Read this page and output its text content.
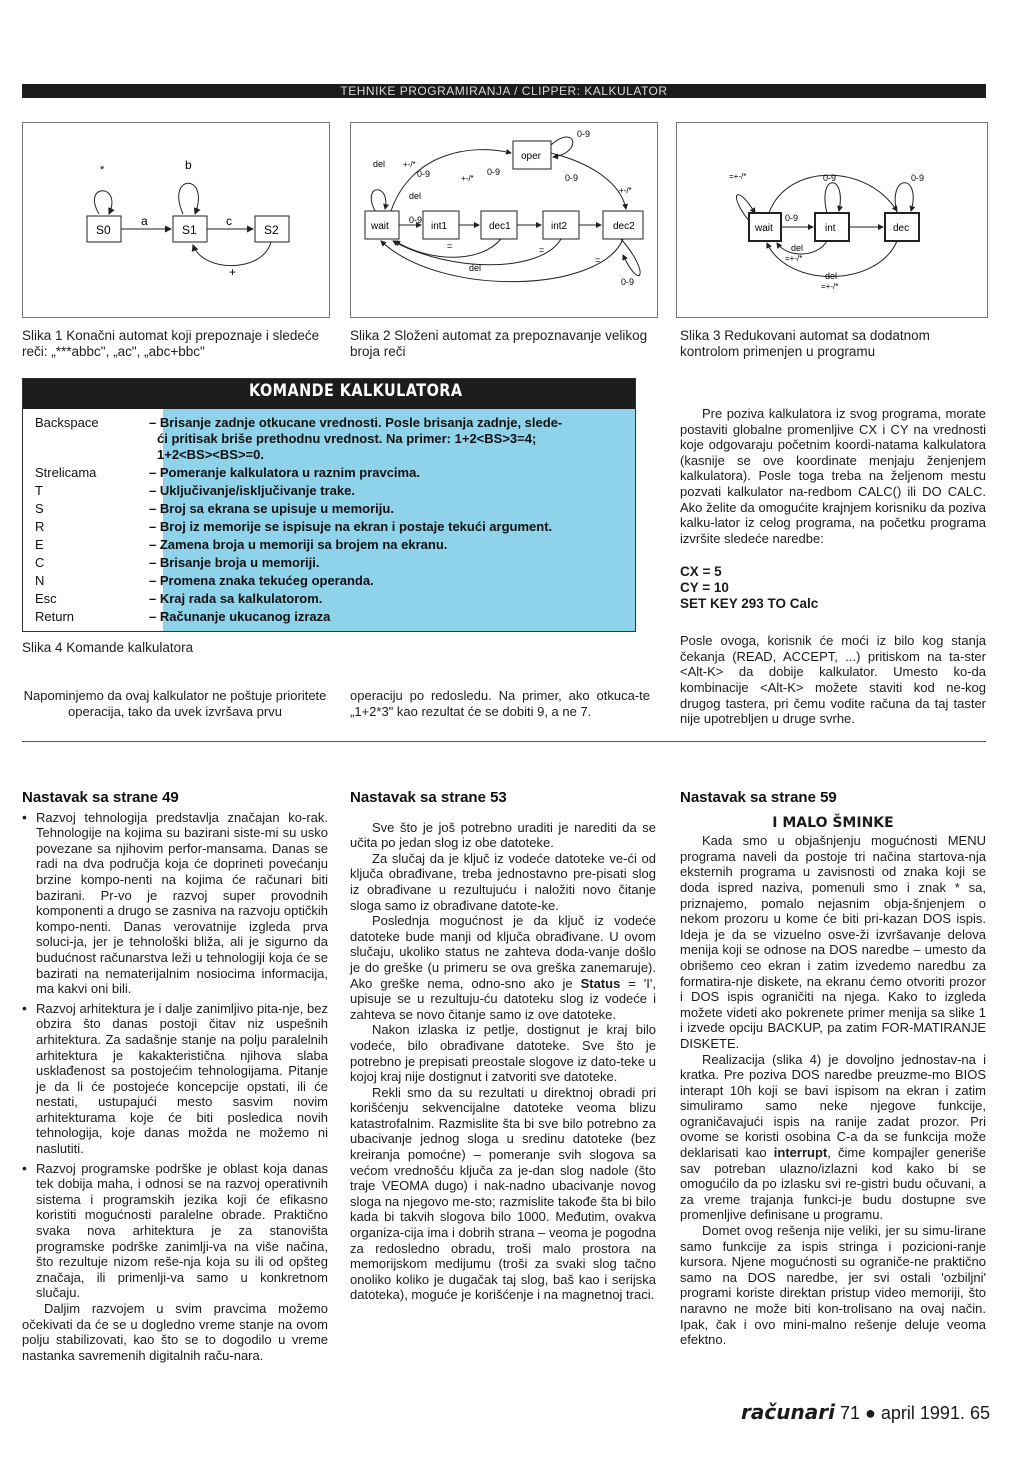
TEHNIKE PROGRAMIRANJA / CLIPPER: KALKULATOR
S0	S1	S2
*	b
a	c
+
wait	int1	dec1	int2	dec2
oper
del +-/*
0-9	0-9
+-/*	0-9
0-9
+-/*
del
0-9
del
0-9
=	=
=
wait	int	dec
=+-/*	0-9	0-9
0-9
del
=+-/*
del
=+-/*
Slika 1 Konačni automat koji prepoznaje i sledeće reči: „***abbc", „ac", „abc+bbc"
Slika 2 Složeni automat za prepoznavanje velikog broja reči
Slika 3 Redukovani automat sa dodatnom kontrolom primenjen u programu
KOMANDE KALKULATORA
Backspace	– Brisanje zadnje otkucane vrednosti. Posle brisanja zadnje, slede-
ći pritisak briše prethodnu vrednost. Na primer: 1+2<BS>3=4;
1+2<BS><BS>=0.
Strelicama	– Pomeranje kalkulatora u raznim pravcima.
T	– Uključivanje/isključivanje trake.
S	– Broj sa ekrana se upisuje u memoriju.
R	– Broj iz memorije se ispisuje na ekran i postaje tekući argument.
E	– Zamena broja u memoriji sa brojem na ekranu.
C	– Brisanje broja u memoriji.
N	– Promena znaka tekućeg operanda.
Esc	– Kraj rada sa kalkulatorom.
Return	– Računanje ukucanog izraza
Slika 4 Komande kalkulatora

Napominjemo da ovaj kalkulator ne poštuje prioritete operacija, tako da uvek izvršava prvu

operaciju po redosledu. Na primer, ako otkuca-te „1+2*3" kao rezultat će se dobiti 9, a ne 7.

Pre poziva kalkulatora iz svog programa, morate postaviti globalne promenljive CX i CY na vrednosti koje odgovaraju početnim koordi-natama kalkulatora (kasnije se ove koordinate menjaju ženjenjem kalkulatora). Posle toga treba na željenom mestu pozvati kalkulator na-redbom CALC() ili DO CALC. Ako želite da omogućite krajnjem korisniku da poziva kalku-lator iz celog programa, na početku programa izvršite sledeće naredbe:

CX = 5
CY = 10
SET KEY 293 TO Calc

Posle ovoga, korisnik će moći iz bilo kog stanja čekanja (READ, ACCEPT, ...) pritiskom na ta-ster <Alt-K> da dobije kalkulator. Umesto ko-da kombinacije <Alt-K> možete staviti kod ne-kog drugog tastera, pri čemu vodite računa da taj taster nije upotrebljen u druge svrhe.

Nastavak sa strane 49
• Razvoj tehnologija predstavlja značajan ko-rak. Tehnologije na kojima su bazirani siste-mi su usko povezane sa njihovim perfor-mansama. Danas se radi na dva područja koja će doprineti povećanju brzine kompo-nenti na kojima će računari biti bazirani. Pr-vo je razvoj super provodnih komponenti a drugo se zasniva na razvoju optičkih kompo-nenti. Danas verovatnije izgleda prva soluci-ja, jer je tehnološki bliža, ali je sigurno da budućnost računarstva leži u tehnologiji koja će se bazirati na nematerijalnim nosiocima informacija, ma kakvi oni bili.
• Razvoj arhitektura je i dalje zanimljivo pita-nje, bez obzira što danas postoji čitav niz uspešnih arhitektura. Za sadašnje stanje na polju paralelnih arhitektura je kakakteristična njihova slaba usklađenost sa postojećim tehnologijama. Pitanje je da li će postojeće koncepcije opstati, ili će nestati, ustupajući mesto sasvim novim arhitekturama koje će biti posledica novih tehnologija, koje danas možda ne možemo ni naslutiti.
• Razvoj programske podrške je oblast koja danas tek dobija maha, i odnosi se na razvoj operativnih sistema i programskih jezika koji će efikasno koristiti mogućnosti paralelne obrade. Praktično svaka nova arhitektura je za stanovišta programske podrške zanimlji-va na više načina, što rezultuje nizom reše-nja koja su ili od opšteg značaja, ili primenlji-va samo u konkretnom slučaju.

Daljim razvojem u svim pravcima možemo očekivati da će se u dogledno vreme stanje na ovom polju stabilizovati, kao što se to dogodilo u vreme nastanka savremenih digitalnih raču-nara.

Nastavak sa strane 53

Sve što je još potrebno uraditi je narediti da se učita po jedan slog iz obe datoteke.

Za slučaj da je ključ iz vodeće datoteke ve-ći od ključa obrađivane, treba jednostavno pre-pisati slog iz obrađivane u rezultujuću i naložiti novo čitanje sloga samo iz obrađivane datote-ke.

Poslednja mogućnost je da ključ iz vodeće datoteke bude manji od ključa obrađivane. U ovom slučaju, ukoliko status ne zahteva doda-vanje došlo je do greške (u primeru se ova greška zanemaruje). Ako greške nema, odno-sno ako je Status = 'I', upisuje se u rezultuju-ću datoteku slog iz vodeće i zahteva se novo čitanje samo iz ove datoteke.

Nakon izlaska iz petlje, dostignut je kraj bilo vodeće, bilo obrađivane datoteke. Sve što je potrebno je prepisati preostale slogove iz dato-teke u kojoj kraj nije dostignut i zatvoriti sve datoteke.

Rekli smo da su rezultati u direktnoj obradi pri korišćenju sekvencijalne datoteke veoma blizu katastrofalnim. Razmislite šta bi sve bilo potrebno za ubacivanje jednog sloga u sredinu datoteke (bez kreiranja pomoćne) – pomeranje svih slogova sa većom vrednošću ključa za je-dan slog nadole (što traje VEOMA dugo) i nak-nadno ubacivanje novog sloga na njegovo me-sto; razmislite takođe šta bi bilo kada bi takvih slogova bilo 1000. Međutim, ovakva organiza-cija ima i dobrih strana – veoma je pogodna za redosledno obradu, troši malo prostora na memorijskom medijumu (troši za svaki slog tačno onoliko koliko je dugačak taj slog, baš kao i serijska datoteka), moguće je korišćenje i na magnetnoj traci.

Nastavak sa strane 59
I MALO ŠMINKE

Kada smo u objašnjenju mogućnosti MENU programa naveli da postoje tri načina startova-nja eksternih programa u zavisnosti od znaka koji se doda ispred naziva, pomenuli smo i znak * sa, priznajemo, pomalo nejasnim obja-šnjenjem o nekom prozoru u kome će biti pri-kazan DOS ispis. Ideja je da se vizuelno osve-ži izvršavanje delova menija koji se odnose na DOS naredbe – umesto da obrišemo ceo ekran i zatim izvedemo naredbu za formatira-nje diskete, na ekranu ćemo otvoriti prozor i DOS ispis ograničiti na njega. Kako to izgleda možete videti ako pokrenete primer menija sa slike 1 i izvede opciju BACKUP, pa zatim FOR-MATIRANJE DISKETE.

Realizacija (slika 4) je dovoljno jednostav-na i kratka. Pre poziva DOS naredbe preuzme-mo BIOS interapt 10h koji se bavi ispisom na ekran i zatim simuliramo samo neke njegove funkcije, ograničavajući ispis na ranije zadat prozor. Pri ovome se koristi osobina C-a da se funkcija može deklarisati kao interrupt, čime kompajler generiše sav potreban ulazno/izlazni kod kako bi se omogućilo da po izlasku svi re-gistri budu očuvani, a za vreme trajanja funkci-je budu dostupne sve promenljive definisane u programu.

Domet ovog rešenja nije veliki, jer su simu-lirane samo funkcije za ispis stringa i pozicioni-ranje kursora. Njene mogućnosti su ograniče-ne praktično samo na DOS naredbe, jer svi ostali 'ozbiljni' programi koriste direktan pristup video memoriji, što naravno ne može biti kon-trolisano na ovaj način. Ipak, čak i ovo mini-malno rešenje deluje veoma efektno.

računari 71 ● april 1991. 65
